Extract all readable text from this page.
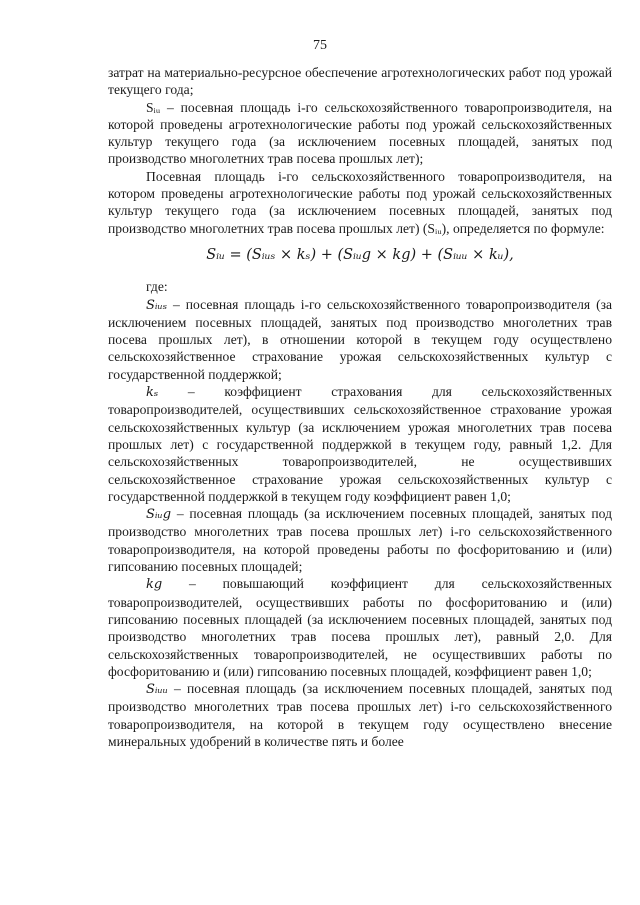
75

затрат на материально-ресурсное обеспечение агротехнологических работ под урожай текущего года;

Sᵢᵤ – посевная площадь i-го сельскохозяйственного товаропроизводителя, на которой проведены агротехнологические работы под урожай сельскохозяйственных культур текущего года (за исключением посевных площадей, занятых под производство многолетних трав посева прошлых лет);

Посевная площадь i-го сельскохозяйственного товаропроизводителя, на котором проведены агротехнологические работы под урожай сельскохозяйственных культур текущего года (за исключением посевных площадей, занятых под производство многолетних трав посева прошлых лет) (Sᵢᵤ), определяется по формуле:

Sᵢᵤ = (Sᵢᵤₛ × kₛ) + (Sᵢᵤg × kg) + (Sᵢᵤᵤ × kᵤ),

где:

Sᵢᵤₛ – посевная площадь i-го сельскохозяйственного товаропроизводителя (за исключением посевных площадей, занятых под производство многолетних трав посева прошлых лет), в отношении которой в текущем году осуществлено сельскохозяйственное страхование урожая сельскохозяйственных культур с государственной поддержкой;

kₛ – коэффициент страхования для сельскохозяйственных товаропроизводителей, осуществивших сельскохозяйственное страхование урожая сельскохозяйственных культур (за исключением урожая многолетних трав посева прошлых лет) с государственной поддержкой в текущем году, равный 1,2. Для сельскохозяйственных товаропроизводителей, не осуществивших сельскохозяйственное страхование урожая сельскохозяйственных культур с государственной поддержкой в текущем году коэффициент равен 1,0;

Sᵢᵤg – посевная площадь (за исключением посевных площадей, занятых под производство многолетних трав посева прошлых лет) i-го сельскохозяйственного товаропроизводителя, на которой проведены работы по фосфоритованию и (или) гипсованию посевных площадей;

kg – повышающий коэффициент для сельскохозяйственных товаропроизводителей, осуществивших работы по фосфоритованию и (или) гипсованию посевных площадей (за исключением посевных площадей, занятых под производство многолетних трав посева прошлых лет), равный 2,0. Для сельскохозяйственных товаропроизводителей, не осуществивших работы по фосфоритованию и (или) гипсованию посевных площадей, коэффициент равен 1,0;

Sᵢᵤᵤ – посевная площадь (за исключением посевных площадей, занятых под производство многолетних трав посева прошлых лет) i-го сельскохозяйственного товаропроизводителя, на которой в текущем году осуществлено внесение минеральных удобрений в количестве пять и более
